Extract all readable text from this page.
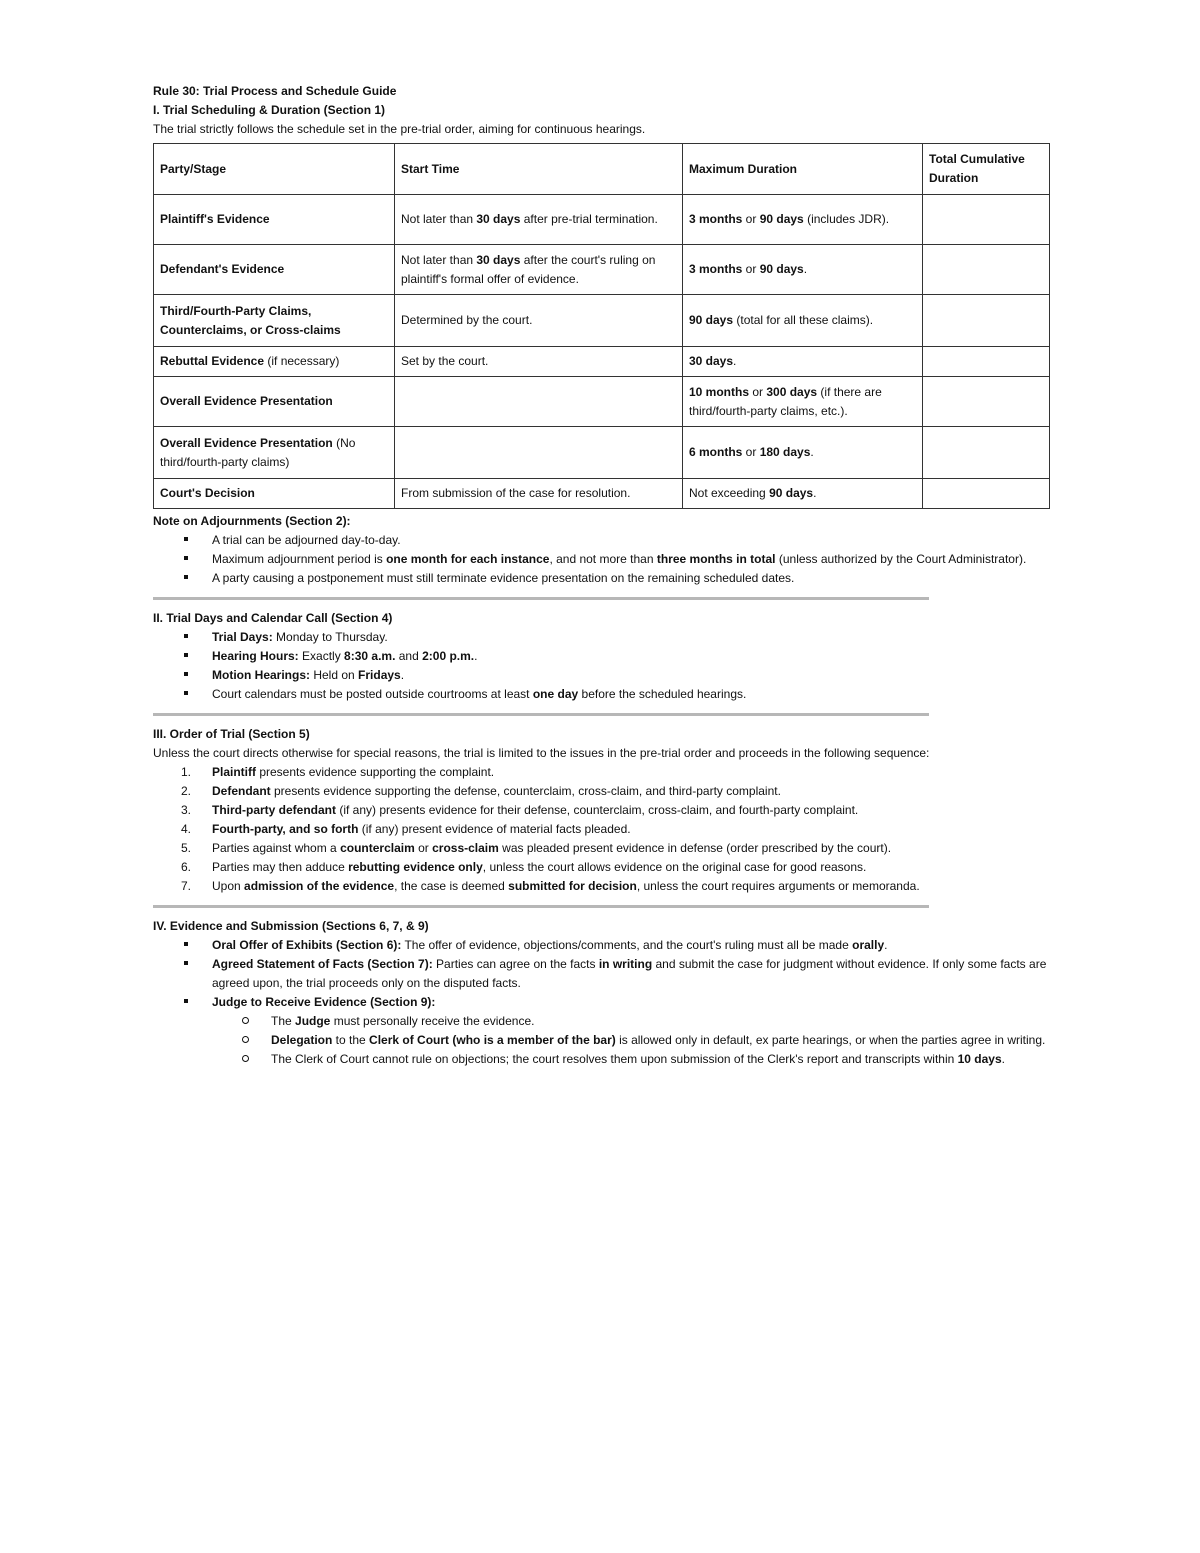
Rule 30: Trial Process and Schedule Guide

I. Trial Scheduling & Duration (Section 1)

The trial strictly follows the schedule set in the pre-trial order, aiming for continuous hearings.

Party/Stage	Start Time	Maximum Duration	Total Cumulative Duration
Plaintiff's Evidence	Not later than 30 days after pre-trial termination.	3 months or 90 days (includes JDR).	
Defendant's Evidence	Not later than 30 days after the court's ruling on plaintiff's formal offer of evidence.	3 months or 90 days.	
Third/Fourth-Party Claims, Counterclaims, or Cross-claims	Determined by the court.	90 days (total for all these claims).	
Rebuttal Evidence (if necessary)	Set by the court.	30 days.	
Overall Evidence Presentation		10 months or 300 days (if there are third/fourth-party claims, etc.).	
Overall Evidence Presentation (No third/fourth-party claims)		6 months or 180 days.	
Court's Decision	From submission of the case for resolution.	Not exceeding 90 days.	

Note on Adjournments (Section 2):

A trial can be adjourned day-to-day.
Maximum adjournment period is one month for each instance, and not more than three months in total (unless authorized by the Court Administrator).
A party causing a postponement must still terminate evidence presentation on the remaining scheduled dates.

II. Trial Days and Calendar Call (Section 4)

Trial Days: Monday to Thursday.
Hearing Hours: Exactly 8:30 a.m. and 2:00 p.m..
Motion Hearings: Held on Fridays.
Court calendars must be posted outside courtrooms at least one day before the scheduled hearings.

III. Order of Trial (Section 5)

Unless the court directs otherwise for special reasons, the trial is limited to the issues in the pre-trial order and proceeds in the following sequence:

1. Plaintiff presents evidence supporting the complaint.
2. Defendant presents evidence supporting the defense, counterclaim, cross-claim, and third-party complaint.
3. Third-party defendant (if any) presents evidence for their defense, counterclaim, cross-claim, and fourth-party complaint.
4. Fourth-party, and so forth (if any) present evidence of material facts pleaded.
5. Parties against whom a counterclaim or cross-claim was pleaded present evidence in defense (order prescribed by the court).
6. Parties may then adduce rebutting evidence only, unless the court allows evidence on the original case for good reasons.
7. Upon admission of the evidence, the case is deemed submitted for decision, unless the court requires arguments or memoranda.

IV. Evidence and Submission (Sections 6, 7, & 9)

Oral Offer of Exhibits (Section 6): The offer of evidence, objections/comments, and the court's ruling must all be made orally.
Agreed Statement of Facts (Section 7): Parties can agree on the facts in writing and submit the case for judgment without evidence. If only some facts are agreed upon, the trial proceeds only on the disputed facts.
Judge to Receive Evidence (Section 9):
The Judge must personally receive the evidence.
Delegation to the Clerk of Court (who is a member of the bar) is allowed only in default, ex parte hearings, or when the parties agree in writing.
The Clerk of Court cannot rule on objections; the court resolves them upon submission of the Clerk's report and transcripts within 10 days.
